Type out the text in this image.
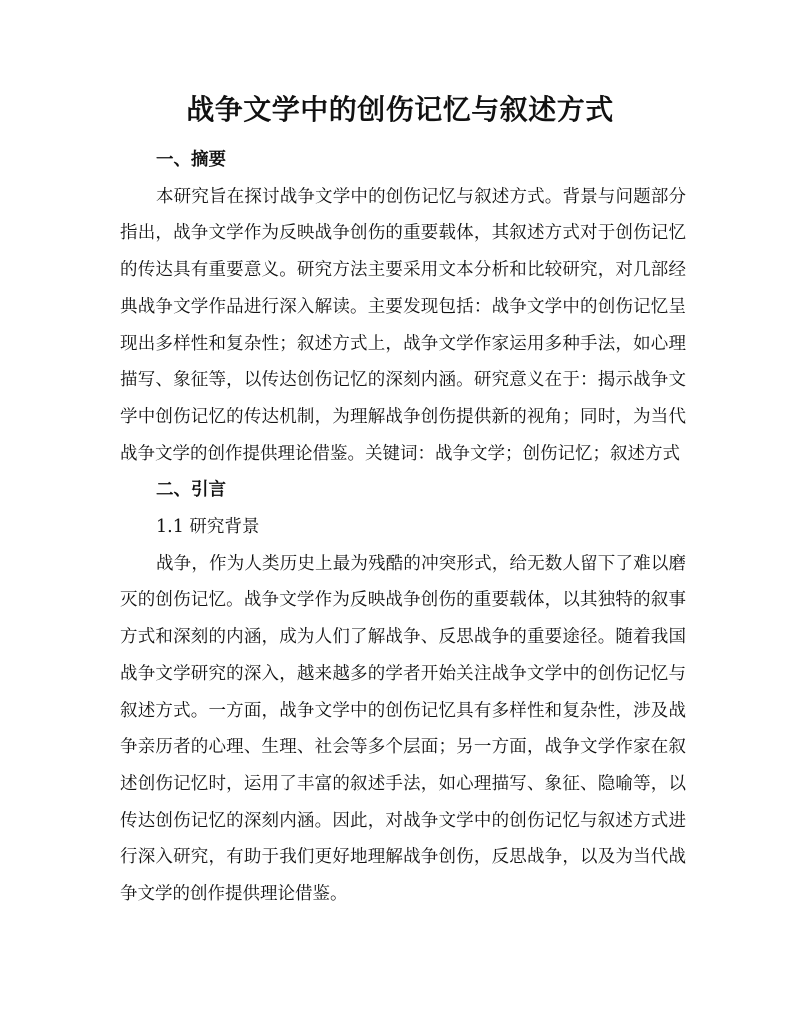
战争文学中的创伤记忆与叙述方式

一、摘要

本研究旨在探讨战争文学中的创伤记忆与叙述方式。背景与问题部分指出，战争文学作为反映战争创伤的重要载体，其叙述方式对于创伤记忆的传达具有重要意义。研究方法主要采用文本分析和比较研究，对几部经典战争文学作品进行深入解读。主要发现包括：战争文学中的创伤记忆呈现出多样性和复杂性；叙述方式上，战争文学作家运用多种手法，如心理描写、象征等，以传达创伤记忆的深刻内涵。研究意义在于：揭示战争文学中创伤记忆的传达机制，为理解战争创伤提供新的视角；同时，为当代战争文学的创作提供理论借鉴。关键词：战争文学；创伤记忆；叙述方式

二、引言

1.1 研究背景

战争，作为人类历史上最为残酷的冲突形式，给无数人留下了难以磨灭的创伤记忆。战争文学作为反映战争创伤的重要载体，以其独特的叙事方式和深刻的内涵，成为人们了解战争、反思战争的重要途径。随着我国战争文学研究的深入，越来越多的学者开始关注战争文学中的创伤记忆与叙述方式。一方面，战争文学中的创伤记忆具有多样性和复杂性，涉及战争亲历者的心理、生理、社会等多个层面；另一方面，战争文学作家在叙述创伤记忆时，运用了丰富的叙述手法，如心理描写、象征、隐喻等，以传达创伤记忆的深刻内涵。因此，对战争文学中的创伤记忆与叙述方式进行深入研究，有助于我们更好地理解战争创伤，反思战争，以及为当代战争文学的创作提供理论借鉴。
